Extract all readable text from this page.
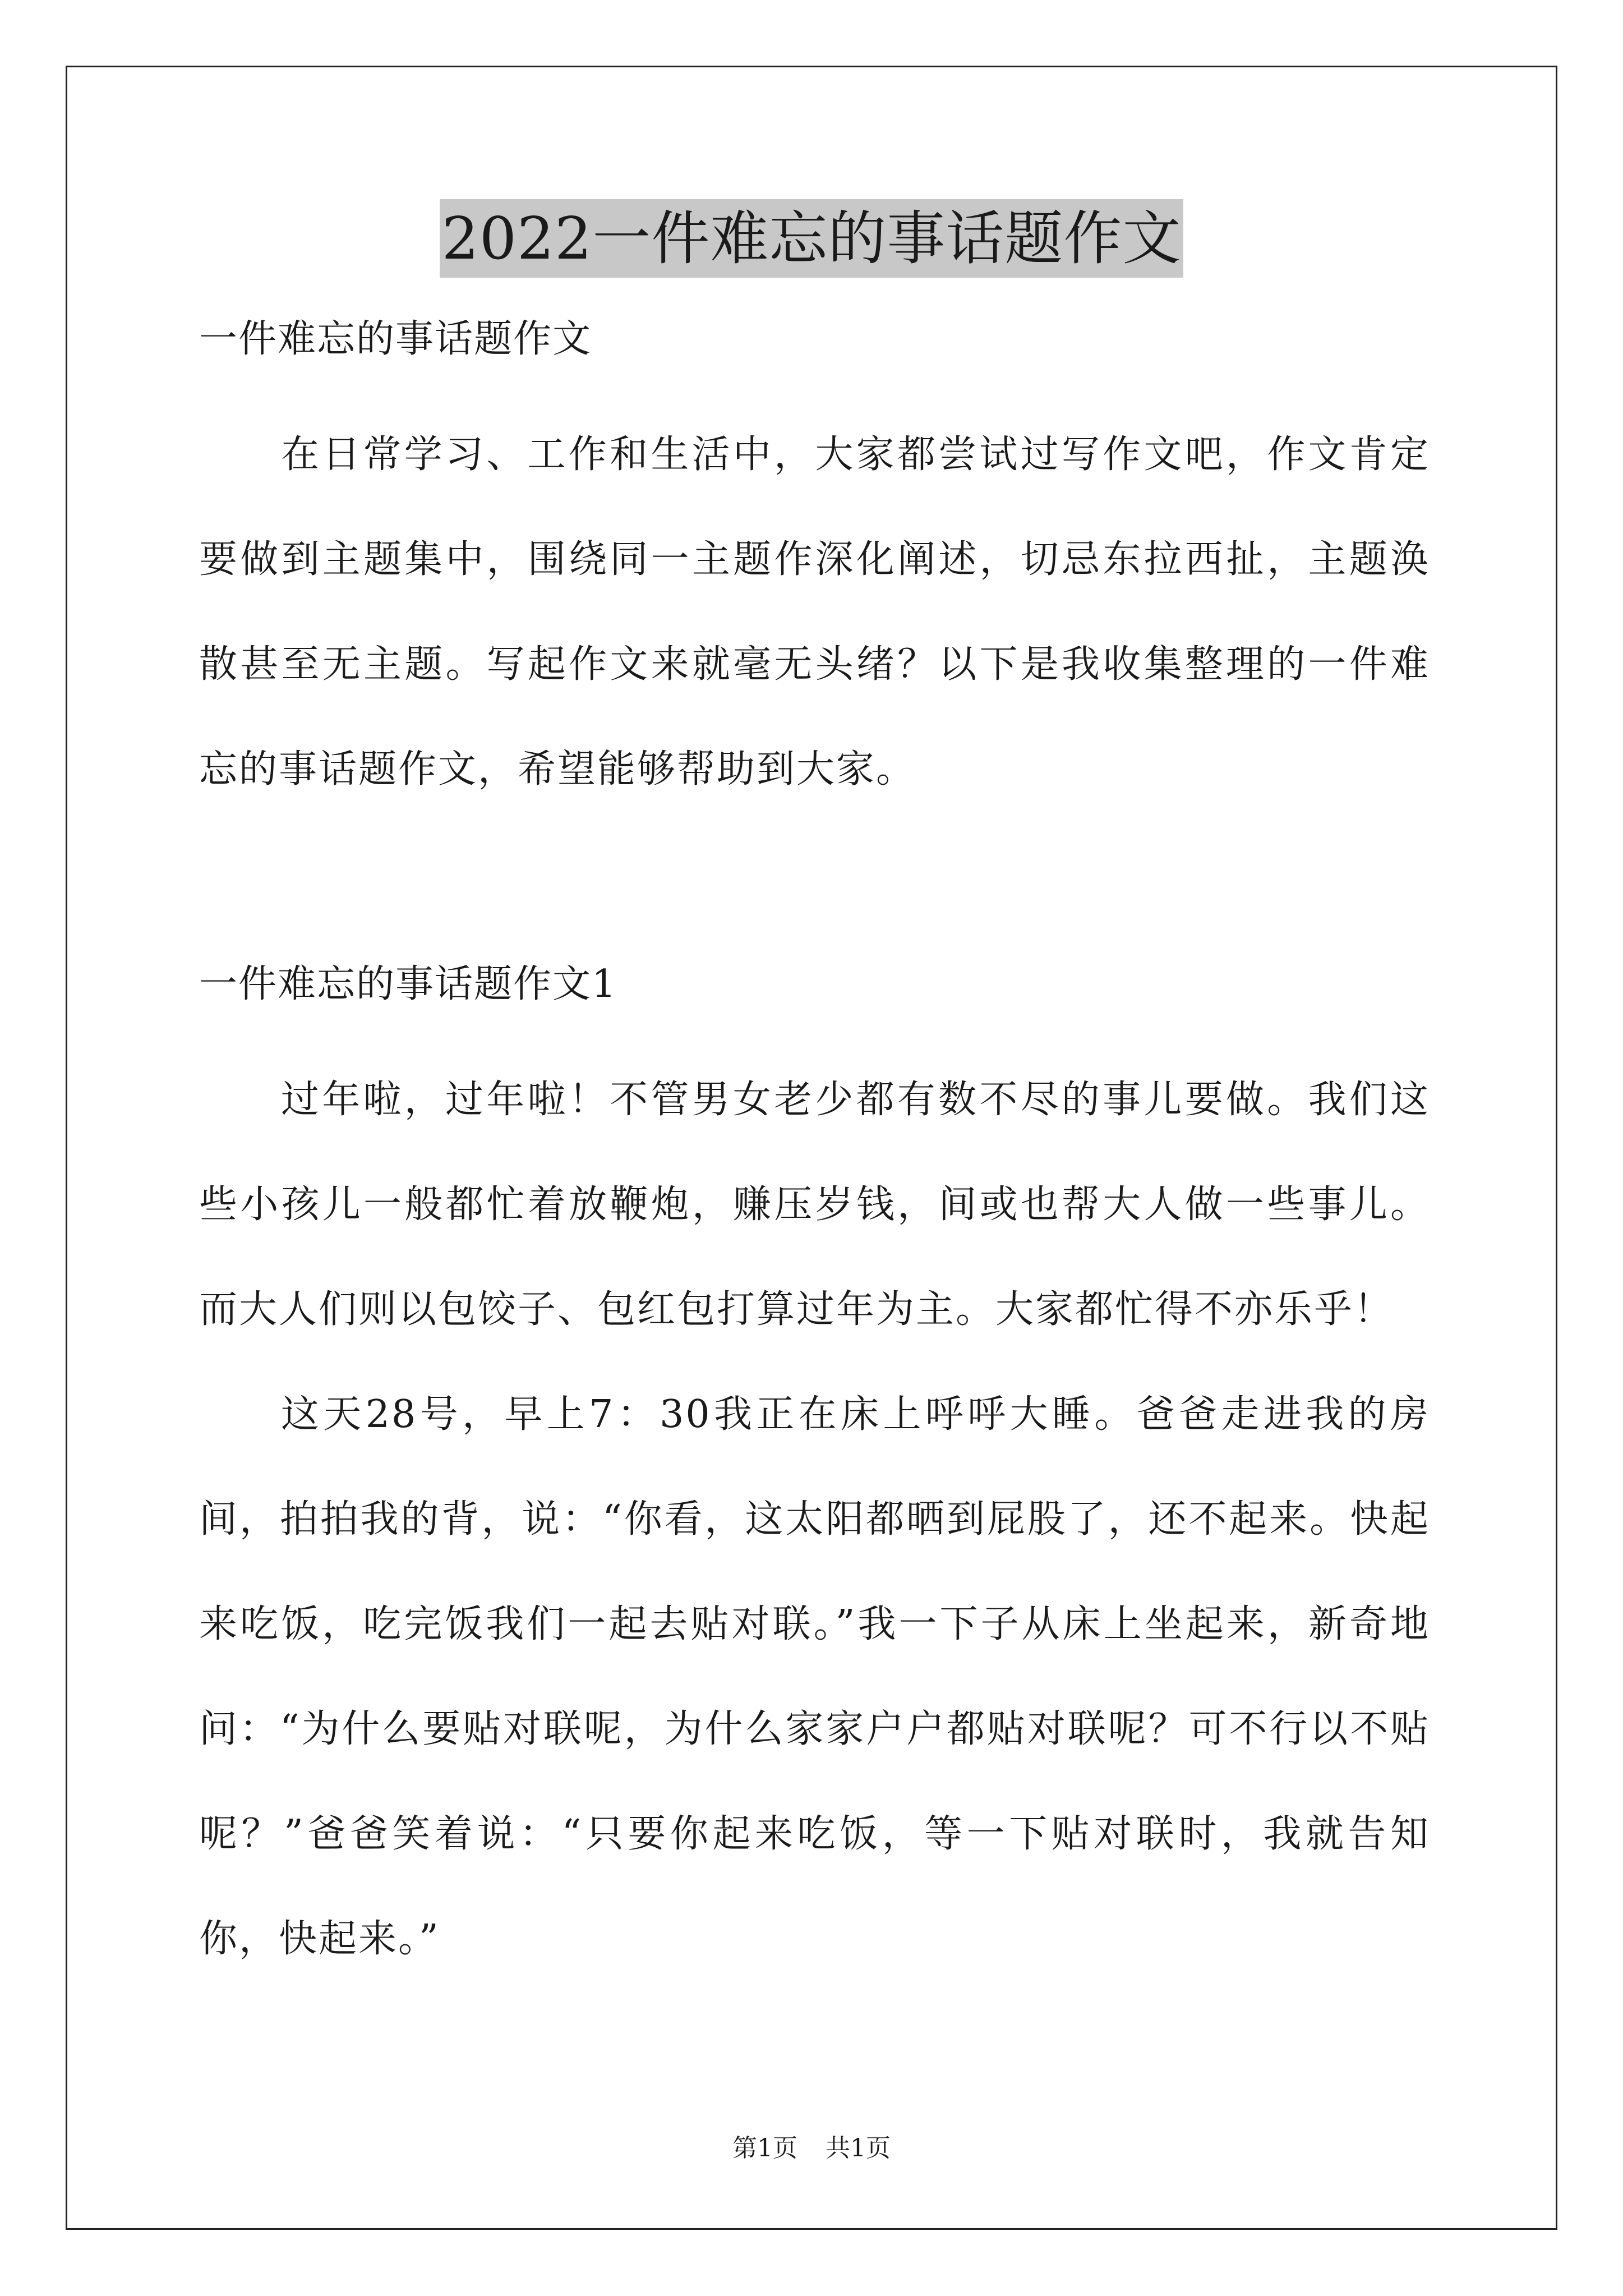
2022一件难忘的事话题作文

一件难忘的事话题作文

在日常学习、工作和生活中，大家都尝试过写作文吧，作文肯定要做到主题集中，围绕同一主题作深化阐述，切忌东拉西扯，主题涣散甚至无主题。写起作文来就毫无头绪？以下是我收集整理的一件难忘的事话题作文，希望能够帮助到大家。

一件难忘的事话题作文1

过年啦，过年啦！不管男女老少都有数不尽的事儿要做。我们这些小孩儿一般都忙着放鞭炮，赚压岁钱，间或也帮大人做一些事儿。而大人们则以包饺子、包红包打算过年为主。大家都忙得不亦乐乎！

这天28号，早上7：30我正在床上呼呼大睡。爸爸走进我的房间，拍拍我的背，说：“你看，这太阳都晒到屁股了，还不起来。快起来吃饭，吃完饭我们一起去贴对联。”我一下子从床上坐起来，新奇地问：“为什么要贴对联呢，为什么家家户户都贴对联呢？可不行以不贴呢？”爸爸笑着说：“只要你起来吃饭，等一下贴对联时，我就告知你，快起来。”

第1页 共1页
